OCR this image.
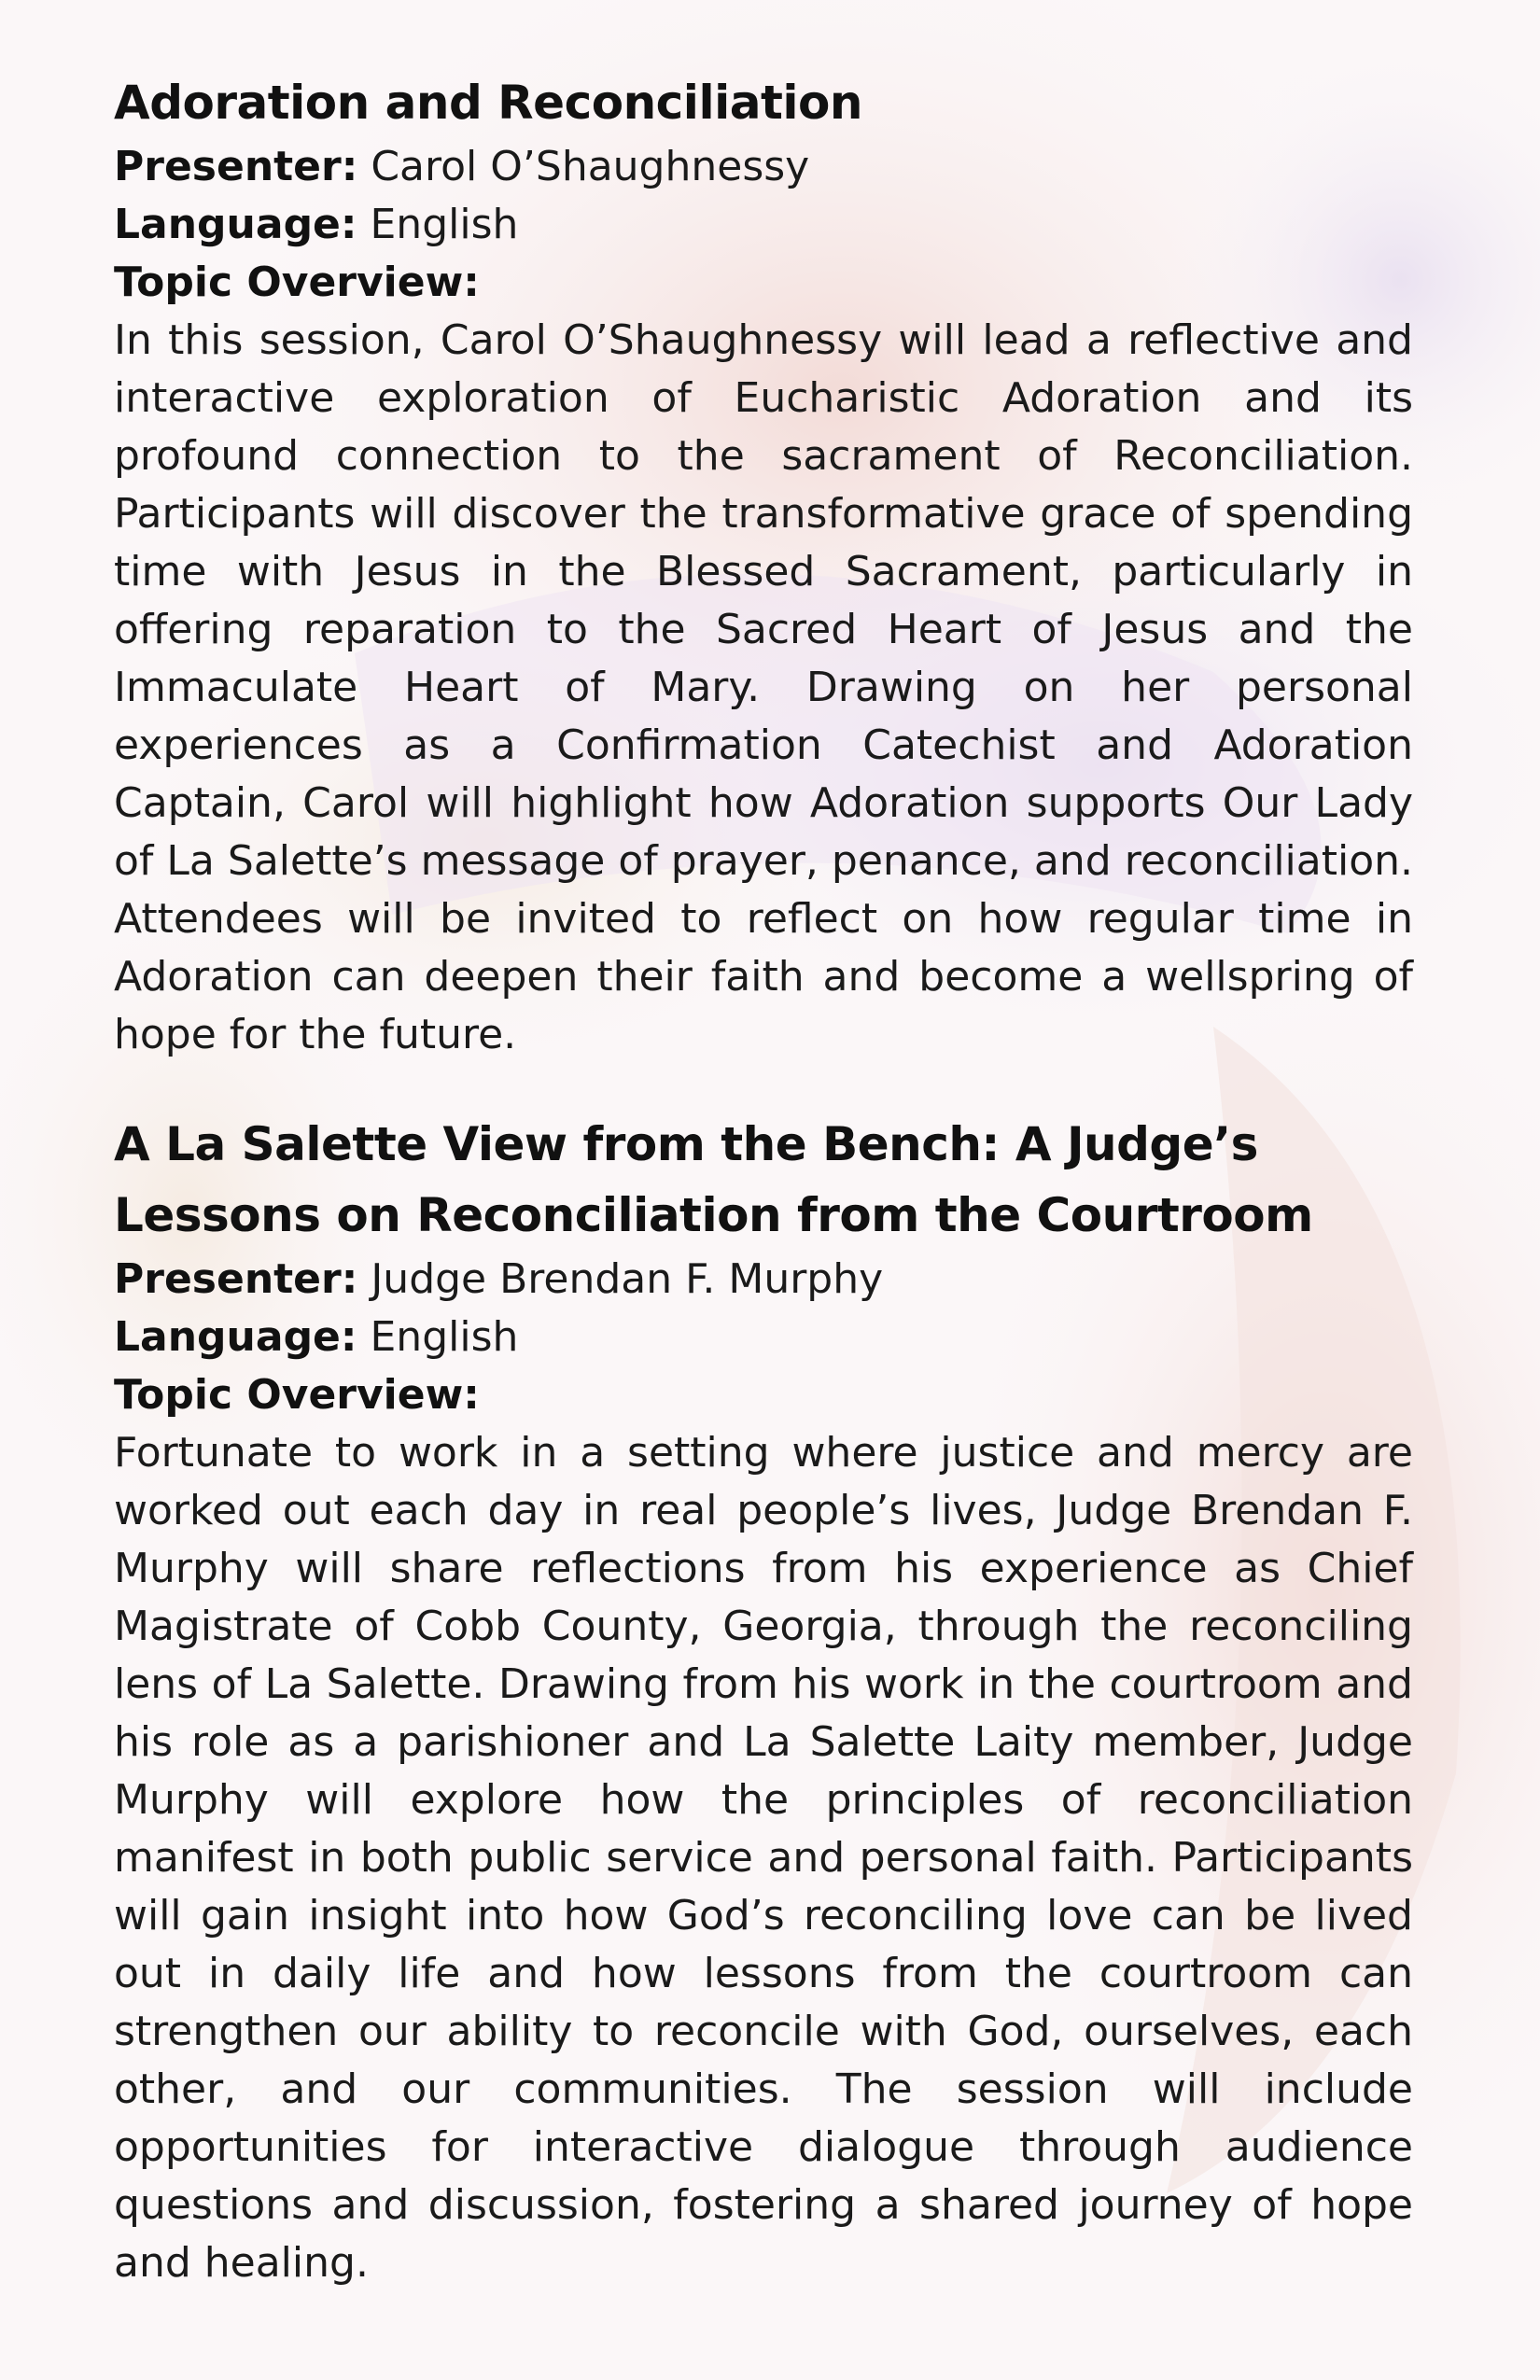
Adoration and Reconciliation

Presenter: Carol O’Shaughnessy

Language: English

Topic Overview:

In this session, Carol O’Shaughnessy will lead a reflective and interactive exploration of Eucharistic Adoration and its profound connection to the sacrament of Reconciliation. Participants will discover the transformative grace of spending time with Jesus in the Blessed Sacrament, particularly in offering reparation to the Sacred Heart of Jesus and the Immaculate Heart of Mary. Drawing on her personal experiences as a Confirmation Catechist and Adoration Captain, Carol will highlight how Adoration supports Our Lady of La Salette’s message of prayer, penance, and reconciliation. Attendees will be invited to reflect on how regular time in Adoration can deepen their faith and become a wellspring of hope for the future.

A La Salette View from the Bench: A Judge’s Lessons on Reconciliation from the Courtroom

Presenter: Judge Brendan F. Murphy

Language: English

Topic Overview:

Fortunate to work in a setting where justice and mercy are worked out each day in real people’s lives, Judge Brendan F. Murphy will share reflections from his experience as Chief Magistrate of Cobb County, Georgia, through the reconciling lens of La Salette. Drawing from his work in the courtroom and his role as a parishioner and La Salette Laity member, Judge Murphy will explore how the principles of reconciliation manifest in both public service and personal faith. Participants will gain insight into how God’s reconciling love can be lived out in daily life and how lessons from the courtroom can strengthen our ability to reconcile with God, ourselves, each other, and our communities. The session will include opportunities for interactive dialogue through audience questions and discussion, fostering a shared journey of hope and healing.
